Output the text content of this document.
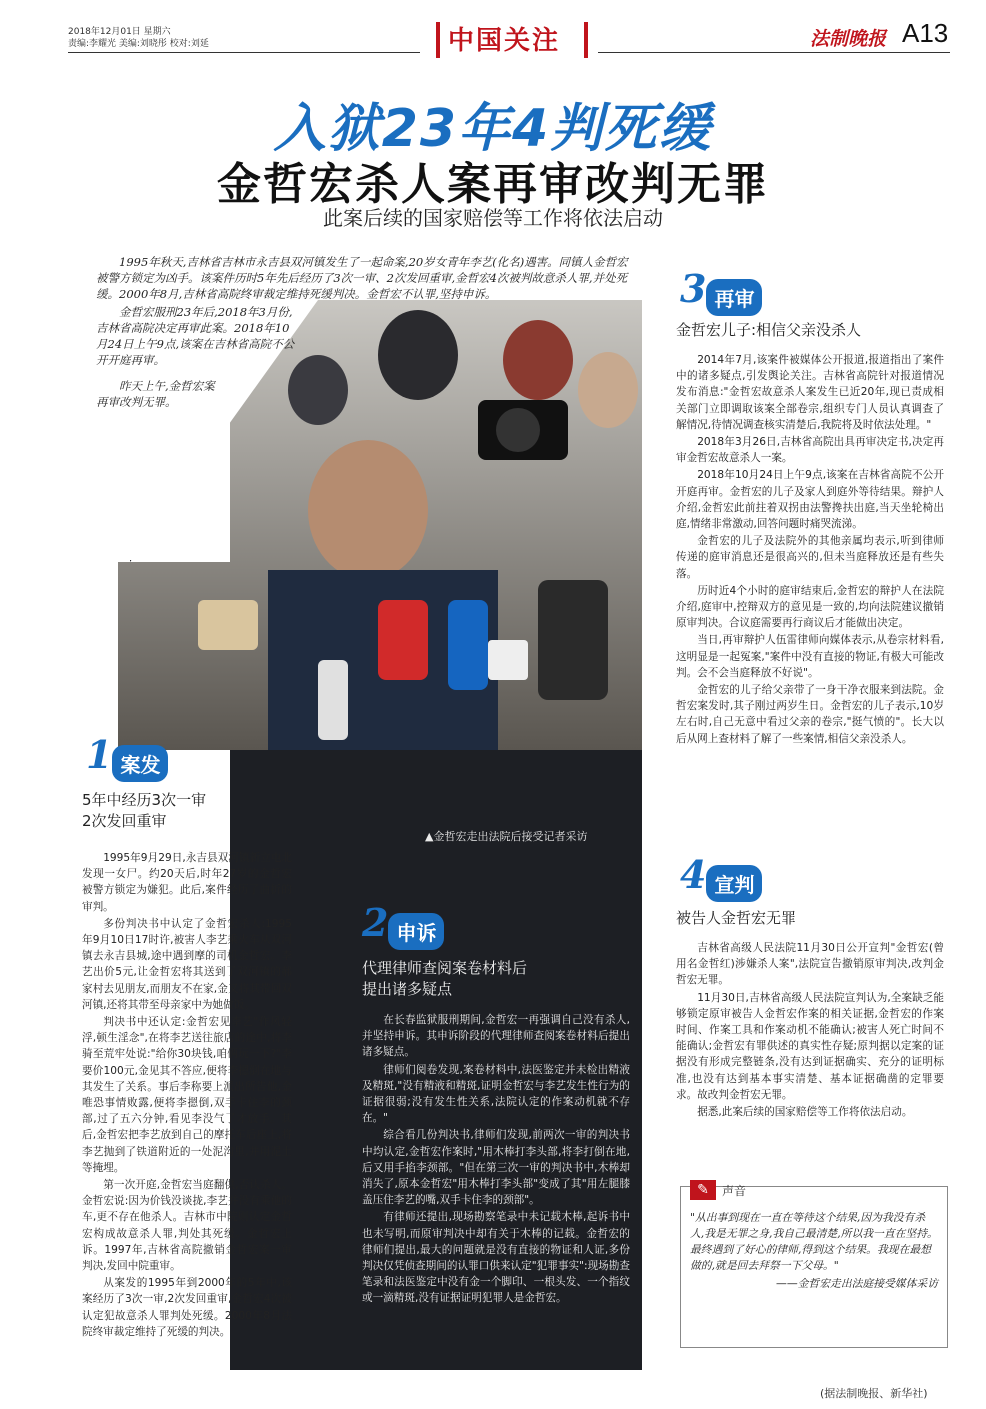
2018年12月01日 星期六
责编:李耀光 美编:刘晓彤 校对:刘延	中国关注	法制晚报 A13
入狱23年4判死缓
金哲宏杀人案再审改判无罪
此案后续的国家赔偿等工作将依法启动

1995年秋天,吉林省吉林市永吉县双河镇发生了一起命案,20岁女青年李艺(化名)遇害。同镇人金哲宏被警方锁定为凶手。该案件历时5年先后经历了3次一审、2次发回重审,金哲宏4次被判故意杀人罪,并处死缓。2000年8月,吉林省高院终审裁定维持死缓判决。金哲宏不认罪,坚持申诉。

金哲宏服刑23年后,2018年3月份,吉林省高院决定再审此案。2018年10月24日上午9点,该案在吉林省高院不公开开庭再审。

昨天上午,金哲宏案再审改判无罪。

▲金哲宏走出法院后接受记者采访
1 案发
5年中经历3次一审
2次发回重审

1995年9月29日,永吉县双河镇新立屯北发现一女尸。约20天后,时年27岁的金哲宏被警方锁定为嫌犯。此后,案件经历了曲折的审判。

多份判决书中认定了金哲宏杀人:1995年9月10日17时许,被害人李艺乘火车从双河镇去永吉县城,途中遇到摩的司机金哲宏。李艺出价5元,让金哲宏将其送到了双河镇的郝家村去见朋友,而朋友不在家,金又将其带回双河镇,还将其带至母亲家中为她做饭。

判决书中还认定:金哲宏见李艺"作风轻浮,顿生淫念",在将李艺送往旅店的途中,将李骑至荒牢处说:"给你30块钱,咱俩玩一下?"李要价100元,金见其不答应,便将李摁倒在地与其发生了关系。事后李称要上派出所告他,金唯恐事情败露,便将李摁倒,双手卡住李的颈部,过了五六分钟,看见李没气了才放手。其后,金哲宏把李艺放到自己的摩托车后座上,将李艺抛到了铁道附近的一处泥沟里,并用泥土等掩埋。

第一次开庭,金哲宏当庭翻供,否认杀人。金哲宏说:因为价钱没谈拢,李艺并没有乘他的车,更不存在他杀人。吉林市中院则认定金哲宏构成故意杀人罪,判处其死缓。金哲宏上诉。1997年,吉林省高院撤销金哲宏案一审判决,发回中院重审。

从案发的1995年到2000年的5年中,该案经历了3次一审,2次发回重审,金哲宏4次被认定犯故意杀人罪判处死缓。2000年8月法院终审裁定维持了死缓的判决。

2 申诉
代理律师查阅案卷材料后
提出诸多疑点

在长春监狱服刑期间,金哲宏一再强调自己没有杀人,并坚持申诉。其申诉阶段的代理律师查阅案卷材料后提出诸多疑点。

律师们阅卷发现,案卷材料中,法医鉴定并未检出精液及精斑,"没有精液和精斑,证明金哲宏与李艺发生性行为的证据很弱;没有发生性关系,法院认定的作案动机就不存在。"

综合看几份判决书,律师们发现,前两次一审的判决书中均认定,金哲宏作案时,"用木棒打李头部,将李打倒在地,后又用手掐李颈部。"但在第三次一审的判决书中,木棒却消失了,原本金哲宏"用木棒打李头部"变成了其"用左腿膝盖压住李艺的嘴,双手卡住李的颈部"。

有律师还提出,现场勘察笔录中未记载木棒,起诉书中也未写明,而原审判决中却有关于木棒的记载。金哲宏的律师们提出,最大的问题就是没有直接的物证和人证,多份判决仅凭侦查期间的认罪口供来认定"犯罪事实":现场勘查笔录和法医鉴定中没有金一个脚印、一根头发、一个指纹或一滴精斑,没有证据证明犯罪人是金哲宏。

3 再审
金哲宏儿子:相信父亲没杀人

2014年7月,该案件被媒体公开报道,报道指出了案件中的诸多疑点,引发舆论关注。吉林省高院针对报道情况发布消息:"金哲宏故意杀人案发生已近20年,现已责成相关部门立即调取该案全部卷宗,组织专门人员认真调查了解情况,待情况调查核实清楚后,我院将及时依法处理。"

2018年3月26日,吉林省高院出具再审决定书,决定再审金哲宏故意杀人一案。

2018年10月24日上午9点,该案在吉林省高院不公开开庭再审。金哲宏的儿子及家人到庭外等待结果。辩护人介绍,金哲宏此前拄着双拐由法警搀扶出庭,当天坐轮椅出庭,情绪非常激动,回答问题时痛哭流涕。

金哲宏的儿子及法院外的其他亲属均表示,听到律师传递的庭审消息还是很高兴的,但未当庭释放还是有些失落。

历时近4个小时的庭审结束后,金哲宏的辩护人在法院介绍,庭审中,控辩双方的意见是一致的,均向法院建议撤销原审判决。合议庭需要再行商议后才能做出决定。

当日,再审辩护人伍雷律师向媒体表示,从卷宗材料看,这明显是一起冤案,"案件中没有直接的物证,有极大可能改判。会不会当庭释放不好说"。

金哲宏的儿子给父亲带了一身干净衣服来到法院。金哲宏案发时,其子刚过两岁生日。金哲宏的儿子表示,10岁左右时,自己无意中看过父亲的卷宗,"挺气愤的"。长大以后从网上查材料了解了一些案情,相信父亲没杀人。

4 宣判
被告人金哲宏无罪

吉林省高级人民法院11月30日公开宣判"金哲宏(曾用名金哲红)涉嫌杀人案",法院宣告撤销原审判决,改判金哲宏无罪。

11月30日,吉林省高级人民法院宣判认为,全案缺乏能够锁定原审被告人金哲宏作案的相关证据,金哲宏的作案时间、作案工具和作案动机不能确认;被害人死亡时间不能确认;金哲宏有罪供述的真实性存疑;原判据以定案的证据没有形成完整链条,没有达到证据确实、充分的证明标准,也没有达到基本事实清楚、基本证据确凿的定罪要求。故改判金哲宏无罪。

据悉,此案后续的国家赔偿等工作将依法启动。

✎	声音
"从出事到现在一直在等待这个结果,因为我没有杀人,我是无罪之身,我自己最清楚,所以我一直在坚持。最终遇到了好心的律师,得到这个结果。我现在最想做的,就是回去拜祭一下父母。"
——金哲宏走出法庭接受媒体采访
(据法制晚报、新华社)
